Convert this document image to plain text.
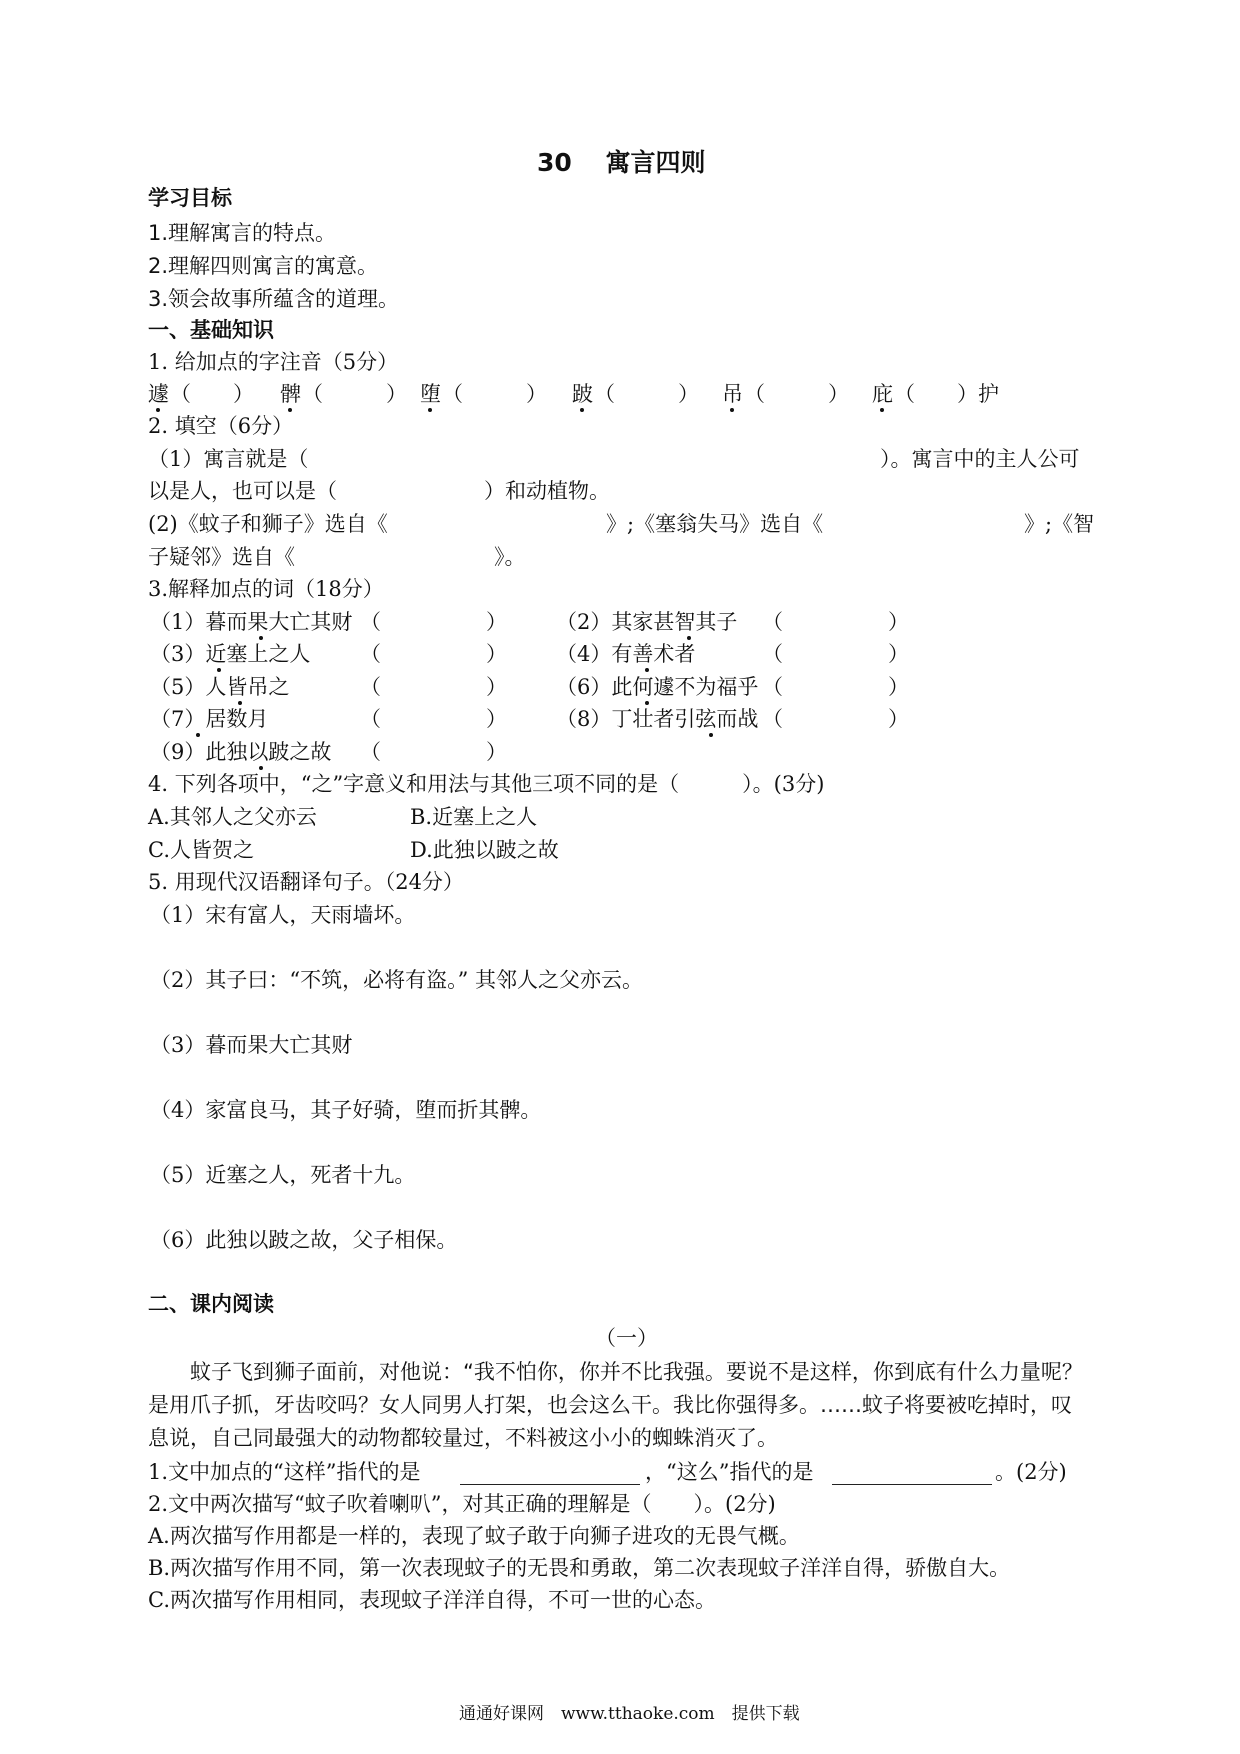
30　 寓言四则
学习目标
1.理解寓言的特点。
2.理解四则寓言的寓意。
3.领会故事所蕴含的道理。
一、基础知识
1. 给加点的字注音（5分）
遽 （　　） 髀 （　　　） 堕 （　　　） 跛 （　　　） 吊 （　　　） 庇 （　　）护
2. 填空（6分）
（1）寓言就是（	）。寓言中的主人公可
以是人，也可以是（　　　　　　　）和动植物。
(2)《蚊子和狮子》选自《	》;《塞翁失马》选自《	》;《智
子疑邻》选自《	》。
3.解释加点的词（18分）
（1）暮而果大亡其财 （　　　　　） （2）其家甚智其子 （　　　　　）
（3）近塞上之人 （　　　　　） （4）有善术者	（　　　　　）
（5）人皆吊之	（　　　　　） （6）此何遽不为福乎 （　　　　　）
（7）居数月	（　　　　　） （8）丁壮者引弦而战 （　　　　　）
（9）此独以跛之故 （　　　　　）
4. 下列各项中，“之”字意义和用法与其他三项不同的是（　　　）。(3分)
A.其邻人之父亦云	B.近塞上之人
C.人皆贺之	D.此独以跛之故
5. 用现代汉语翻译句子。（24分）
（1）宋有富人，天雨墙坏。
（2）其子曰：“不筑，必将有盗。” 其邻人之父亦云。
（3）暮而果大亡其财
（4）家富良马，其子好骑，堕而折其髀。
（5）近塞之人，死者十九。
（6）此独以跛之故，父子相保。
二、课内阅读
（一）
　　蚊子飞到狮子面前，对他说：“我不怕你，你并不比我强。要说不是这样，你到底有什么力量呢？
是用爪子抓，牙齿咬吗？女人同男人打架，也会这么干。我比你强得多。……蚊子将要被吃掉时，叹
息说，自己同最强大的动物都较量过，不料被这小小的蜘蛛消灭了。
1.文中加点的“这样”指代的是	，“这么”指代的是	。(2分)
2.文中两次描写“蚊子吹着喇叭”，对其正确的理解是（　　）。(2分)
A.两次描写作用都是一样的，表现了蚊子敢于向狮子进攻的无畏气概。
B.两次描写作用不同，第一次表现蚊子的无畏和勇敢，第二次表现蚊子洋洋自得，骄傲自大。
C.两次描写作用相同，表现蚊子洋洋自得，不可一世的心态。
通通好课网　www.tthaoke.com　提供下载
